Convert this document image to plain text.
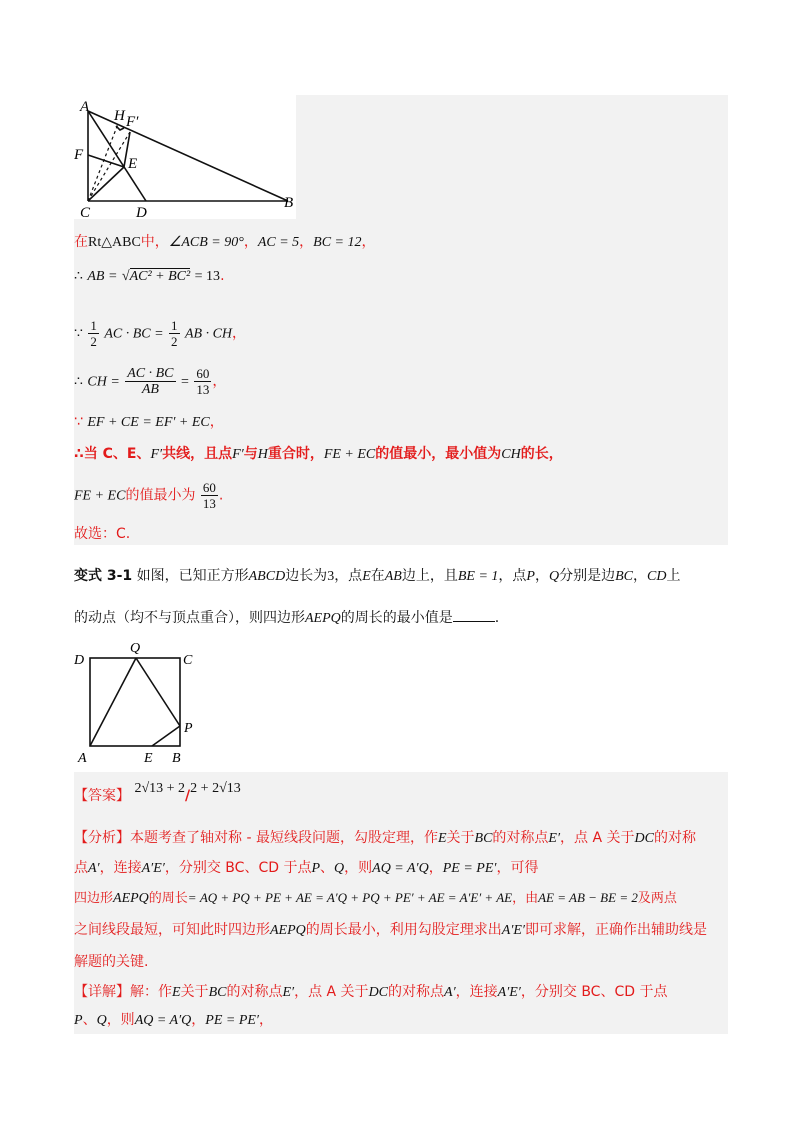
A
H F′
F
E
C	D
B
在Rt△ABC中，∠ACB = 90°，AC = 5，BC = 12，
∴ AB = √AC² + BC² = 13.
∵ $\frac{1}{2}$ AC · BC = $\frac{1}{2}$ AB · CH，
∴ CH = $\frac{AC \cdot BC}{AB} = \frac{60}{13}$ ，
∵ EF + CE = EF′ + EC，
∴当 C、E、F′共线，且点F′与H重合时，FE + EC的值最小，最小值为CH的长，
FE + EC的值最小为 $\frac{60}{13}$ .
故选：C.
变式 3-1 如图，已知正方形ABCD边长为3，点E在AB边上，且BE = 1，点P，Q分别是边BC，CD上
的动点（均不与顶点重合），则四边形AEPQ的周长的最小值是	.
D
Q
C
P
A	E B
【答案】 2√13 + 2/2 + 2√13
【分析】本题考查了轴对称 - 最短线段问题，勾股定理，作E关于BC的对称点E′，点 A 关于DC的对称
点A′，连接A′E′，分别交 BC、CD 于点P、Q，则AQ = A′Q，PE = PE′，可得
四边形AEPQ的周长= AQ + PQ + PE + AE = A′Q + PQ + PE′ + AE = A′E′ + AE，由AE = AB − BE = 2及两点
之间线段最短，可知此时四边形AEPQ的周长最小，利用勾股定理求出A′E′即可求解，正确作出辅助线是
解题的关键.
【详解】解：作E关于BC的对称点E′，点 A 关于DC的对称点A′，连接A′E′，分别交 BC、CD 于点
P、Q，则AQ = A′Q，PE = PE′，
